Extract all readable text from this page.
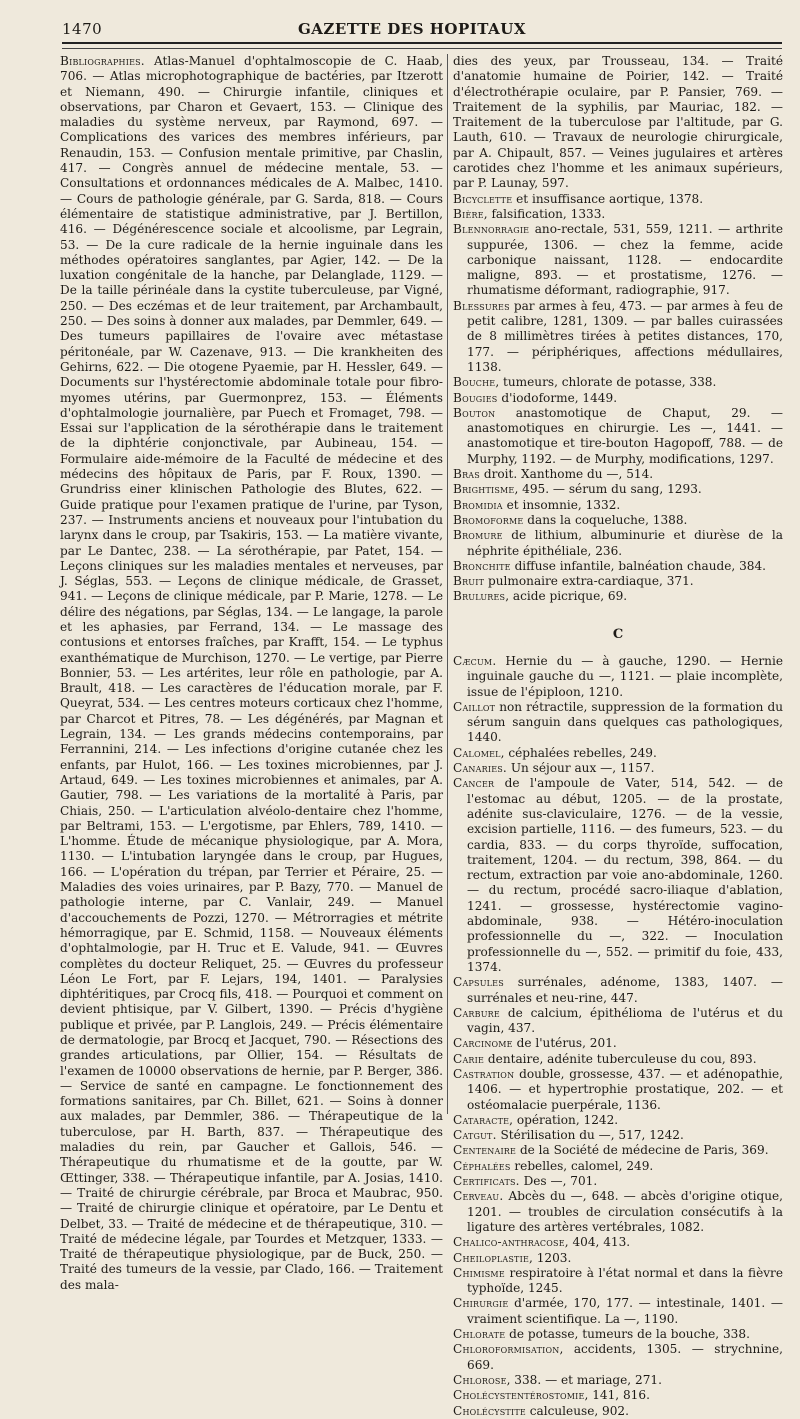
1470	GAZETTE DES HOPITAUX

Bibliographies. Atlas-Manuel d'ophtalmoscopie de C. Haab, 706. — Atlas microphotographique de bactéries, par Itzerott et Niemann, 490. — Chirurgie infantile, cliniques et observations, par Charon et Gevaert, 153. — Clinique des maladies du système nerveux, par Raymond, 697. — Complications des varices des membres inférieurs, par Renaudin, 153. — Confusion mentale primitive, par Chaslin, 417. — Congrès annuel de médecine mentale, 53. — Consultations et ordonnances médicales de A. Malbec, 1410. — Cours de pathologie générale, par G. Sarda, 818. — Cours élémentaire de statistique administrative, par J. Bertillon, 416. — Dégénérescence sociale et alcoolisme, par Legrain, 53. — De la cure radicale de la hernie inguinale dans les méthodes opératoires sanglantes, par Agier, 142. — De la luxation congénitale de la hanche, par Delanglade, 1129. — De la taille périnéale dans la cystite tuberculeuse, par Vigné, 250. — Des eczémas et de leur traitement, par Archambault, 250. — Des soins à donner aux malades, par Demmler, 649. — Des tumeurs papillaires de l'ovaire avec métastase péritonéale, par W. Cazenave, 913. — Die krankheiten des Gehirns, 622. — Die otogene Pyaemie, par H. Hessler, 649. — Documents sur l'hystérectomie abdominale totale pour fibro-myomes utérins, par Guermonprez, 153. — Éléments d'ophtalmologie journalière, par Puech et Fromaget, 798. — Essai sur l'application de la sérothérapie dans le traitement de la diphtérie conjonctivale, par Aubineau, 154. — Formulaire aide-mémoire de la Faculté de médecine et des médecins des hôpitaux de Paris, par F. Roux, 1390. — Grundriss einer klinischen Pathologie des Blutes, 622. — Guide pratique pour l'examen pratique de l'urine, par Tyson, 237. — Instruments anciens et nouveaux pour l'intubation du larynx dans le croup, par Tsakiris, 153. — La matière vivante, par Le Dantec, 238. — La sérothérapie, par Patet, 154. — Leçons cliniques sur les maladies mentales et nerveuses, par J. Séglas, 553. — Leçons de clinique médicale, de Grasset, 941. — Leçons de clinique médicale, par P. Marie, 1278. — Le délire des négations, par Séglas, 134. — Le langage, la parole et les aphasies, par Ferrand, 134. — Le massage des contusions et entorses fraîches, par Krafft, 154. — Le typhus exanthématique de Murchison, 1270. — Le vertige, par Pierre Bonnier, 53. — Les artérites, leur rôle en pathologie, par A. Brault, 418. — Les caractères de l'éducation morale, par F. Queyrat, 534. — Les centres moteurs corticaux chez l'homme, par Charcot et Pitres, 78. — Les dégénérés, par Magnan et Legrain, 134. — Les grands médecins contemporains, par Ferrannini, 214. — Les infections d'origine cutanée chez les enfants, par Hulot, 166. — Les toxines microbiennes, par J. Artaud, 649. — Les toxines microbiennes et animales, par A. Gautier, 798. — Les variations de la mortalité à Paris, par Chiais, 250. — L'articulation alvéolo-dentaire chez l'homme, par Beltrami, 153. — L'ergotisme, par Ehlers, 789, 1410. — L'homme. Étude de mécanique physiologique, par A. Mora, 1130. — L'intubation laryngée dans le croup, par Hugues, 166. — L'opération du trépan, par Terrier et Péraire, 25. — Maladies des voies urinaires, par P. Bazy, 770. — Manuel de pathologie interne, par C. Vanlair, 249. — Manuel d'accouchements de Pozzi, 1270. — Métrorragies et métrite hémorragique, par E. Schmid, 1158. — Nouveaux éléments d'ophtalmologie, par H. Truc et E. Valude, 941. — Œuvres complètes du docteur Reliquet, 25. — Œuvres du professeur Léon Le Fort, par F. Lejars, 194, 1401. — Paralysies diphtéritiques, par Crocq fils, 418. — Pourquoi et comment on devient phtisique, par V. Gilbert, 1390. — Précis d'hygiène publique et privée, par P. Langlois, 249. — Précis élémentaire de dermatologie, par Brocq et Jacquet, 790. — Résections des grandes articulations, par Ollier, 154. — Résultats de l'examen de 10000 observations de hernie, par P. Berger, 386. — Service de santé en campagne. Le fonctionnement des formations sanitaires, par Ch. Billet, 621. — Soins à donner aux malades, par Demmler, 386. — Thérapeutique de la tuberculose, par H. Barth, 837. — Thérapeutique des maladies du rein, par Gaucher et Gallois, 546. — Thérapeutique du rhumatisme et de la goutte, par W. Œttinger, 338. — Thérapeutique infantile, par A. Josias, 1410. — Traité de chirurgie cérébrale, par Broca et Maubrac, 950. — Traité de chirurgie clinique et opératoire, par Le Dentu et Delbet, 33. — Traité de médecine et de thérapeutique, 310. — Traité de médecine légale, par Tourdes et Metzquer, 1333. — Traité de thérapeutique physiologique, par de Buck, 250. — Traité des tumeurs de la vessie, par Clado, 166. — Traitement des mala-

dies des yeux, par Trousseau, 134. — Traité d'anatomie humaine de Poirier, 142. — Traité d'électrothérapie oculaire, par P. Pansier, 769. — Traitement de la syphilis, par Mauriac, 182. — Traitement de la tuberculose par l'altitude, par G. Lauth, 610. — Travaux de neurologie chirurgicale, par A. Chipault, 857. — Veines jugulaires et artères carotides chez l'homme et les animaux supérieurs, par P. Launay, 597.

Bicyclette et insuffisance aortique, 1378.

Bière, falsification, 1333.

Blennorragie ano-rectale, 531, 559, 1211. — arthrite suppurée, 1306. — chez la femme, acide carbonique naissant, 1128. — endocardite maligne, 893. — et prostatisme, 1276. — rhumatisme déformant, radiographie, 917.

Blessures par armes à feu, 473. — par armes à feu de petit calibre, 1281, 1309. — par balles cuirassées de 8 millimètres tirées à petites distances, 170, 177. — périphériques, affections médullaires, 1138.

Bouche, tumeurs, chlorate de potasse, 338.

Bougies d'iodoforme, 1449.

Bouton anastomotique de Chaput, 29. — anastomotiques en chirurgie. Les —, 1441. — anastomotique et tire-bouton Hagopoff, 788. — de Murphy, 1192. — de Murphy, modifications, 1297.

Bras droit. Xanthome du —, 514.

Brightisme, 495. — sérum du sang, 1293.

Bromidia et insomnie, 1332.

Bromoforme dans la coqueluche, 1388.

Bromure de lithium, albuminurie et diurèse de la néphrite épithéliale, 236.

Bronchite diffuse infantile, balnéation chaude, 384.

Bruit pulmonaire extra-cardiaque, 371.

Brulures, acide picrique, 69.

C

Cæcum. Hernie du — à gauche, 1290. — Hernie inguinale gauche du —, 1121. — plaie incomplète, issue de l'épiploon, 1210.

Caillot non rétractile, suppression de la formation du sérum sanguin dans quelques cas pathologiques, 1440.

Calomel, céphalées rebelles, 249.

Canaries. Un séjour aux —, 1157.

Cancer de l'ampoule de Vater, 514, 542. — de l'estomac au début, 1205. — de la prostate, adénite sus-claviculaire, 1276. — de la vessie, excision partielle, 1116. — des fumeurs, 523. — du cardia, 833. — du corps thyroïde, suffocation, traitement, 1204. — du rectum, 398, 864. — du rectum, extraction par voie ano-abdominale, 1260. — du rectum, procédé sacro-iliaque d'ablation, 1241. — grossesse, hystérectomie vagino-abdominale, 938. — Hétéro-inoculation professionnelle du —, 322. — Inoculation professionnelle du —, 552. — primitif du foie, 433, 1374.

Capsules surrénales, adénome, 1383, 1407. — surrénales et neu-rine, 447.

Carbure de calcium, épithélioma de l'utérus et du vagin, 437.

Carcinome de l'utérus, 201.

Carie dentaire, adénite tuberculeuse du cou, 893.

Castration double, grossesse, 437. — et adénopathie, 1406. — et hypertrophie prostatique, 202. — et ostéomalacie puerpérale, 1136.

Cataracte, opération, 1242.

Catgut. Stérilisation du —, 517, 1242.

Centenaire de la Société de médecine de Paris, 369.

Céphalées rebelles, calomel, 249.

Certificats. Des —, 701.

Cerveau. Abcès du —, 648. — abcès d'origine otique, 1201. — troubles de circulation consécutifs à la ligature des artères vertébrales, 1082.

Chalico-anthracose, 404, 413.

Cheiloplastie, 1203.

Chimisme respiratoire à l'état normal et dans la fièvre typhoïde, 1245.

Chirurgie d'armée, 170, 177. — intestinale, 1401. — vraiment scientifique. La —, 1190.

Chlorate de potasse, tumeurs de la bouche, 338.

Chloroformisation, accidents, 1305. — strychnine, 669.

Chlorose, 338. — et mariage, 271.

Cholécystentérostomie, 141, 816.

Cholécystite calculeuse, 902.
